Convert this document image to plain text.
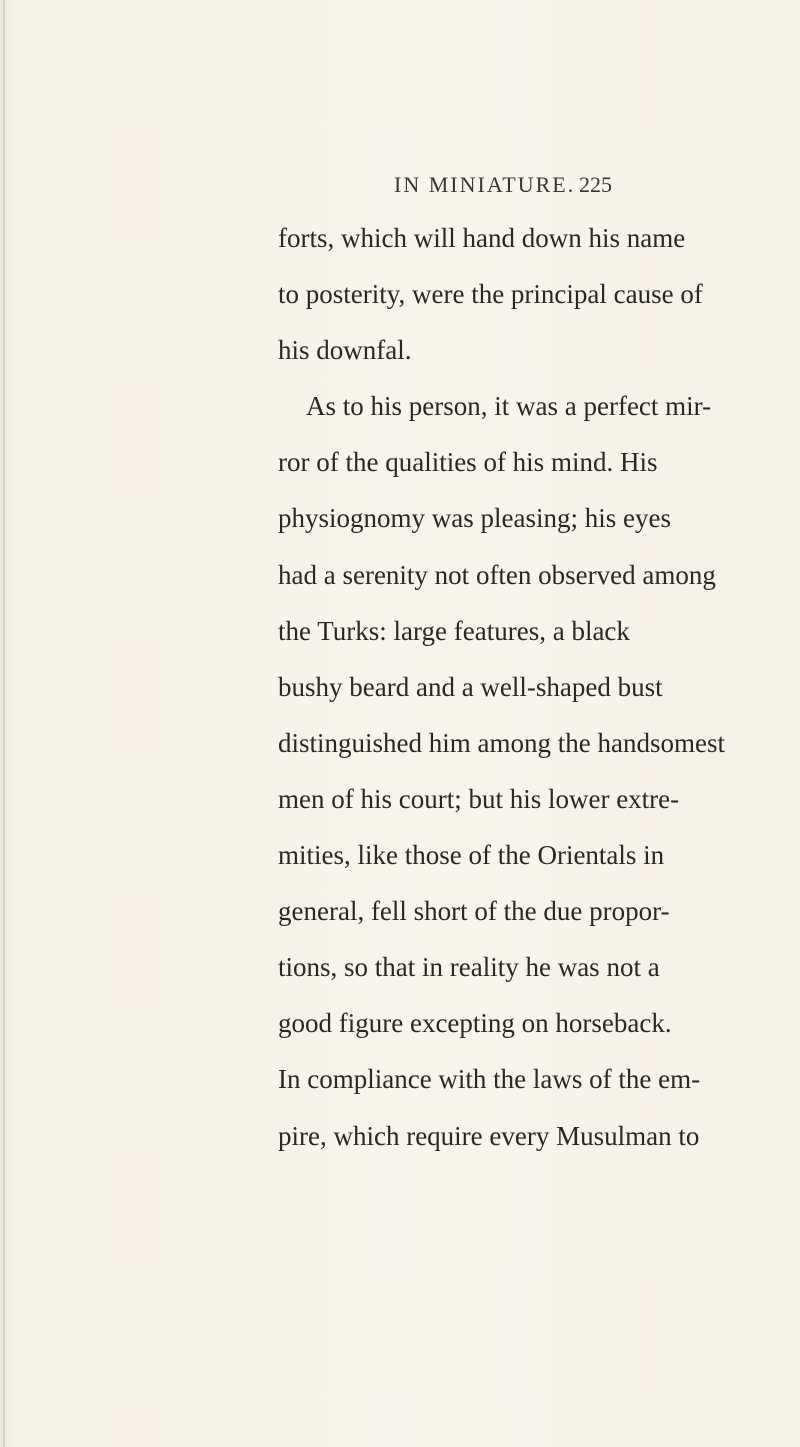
IN MINIATURE. 225
forts, which will hand down his name
to posterity, were the principal cause of
his downfal.
As to his person, it was a perfect mir-
ror of the qualities of his mind. His
physiognomy was pleasing; his eyes
had a serenity not often observed among
the Turks: large features, a black
bushy beard and a well-shaped bust
distinguished him among the handsomest
men of his court; but his lower extre-
mities, like those of the Orientals in
general, fell short of the due propor-
tions, so that in reality he was not a
good figure excepting on horseback.
In compliance with the laws of the em-
pire, which require every Musulman to
